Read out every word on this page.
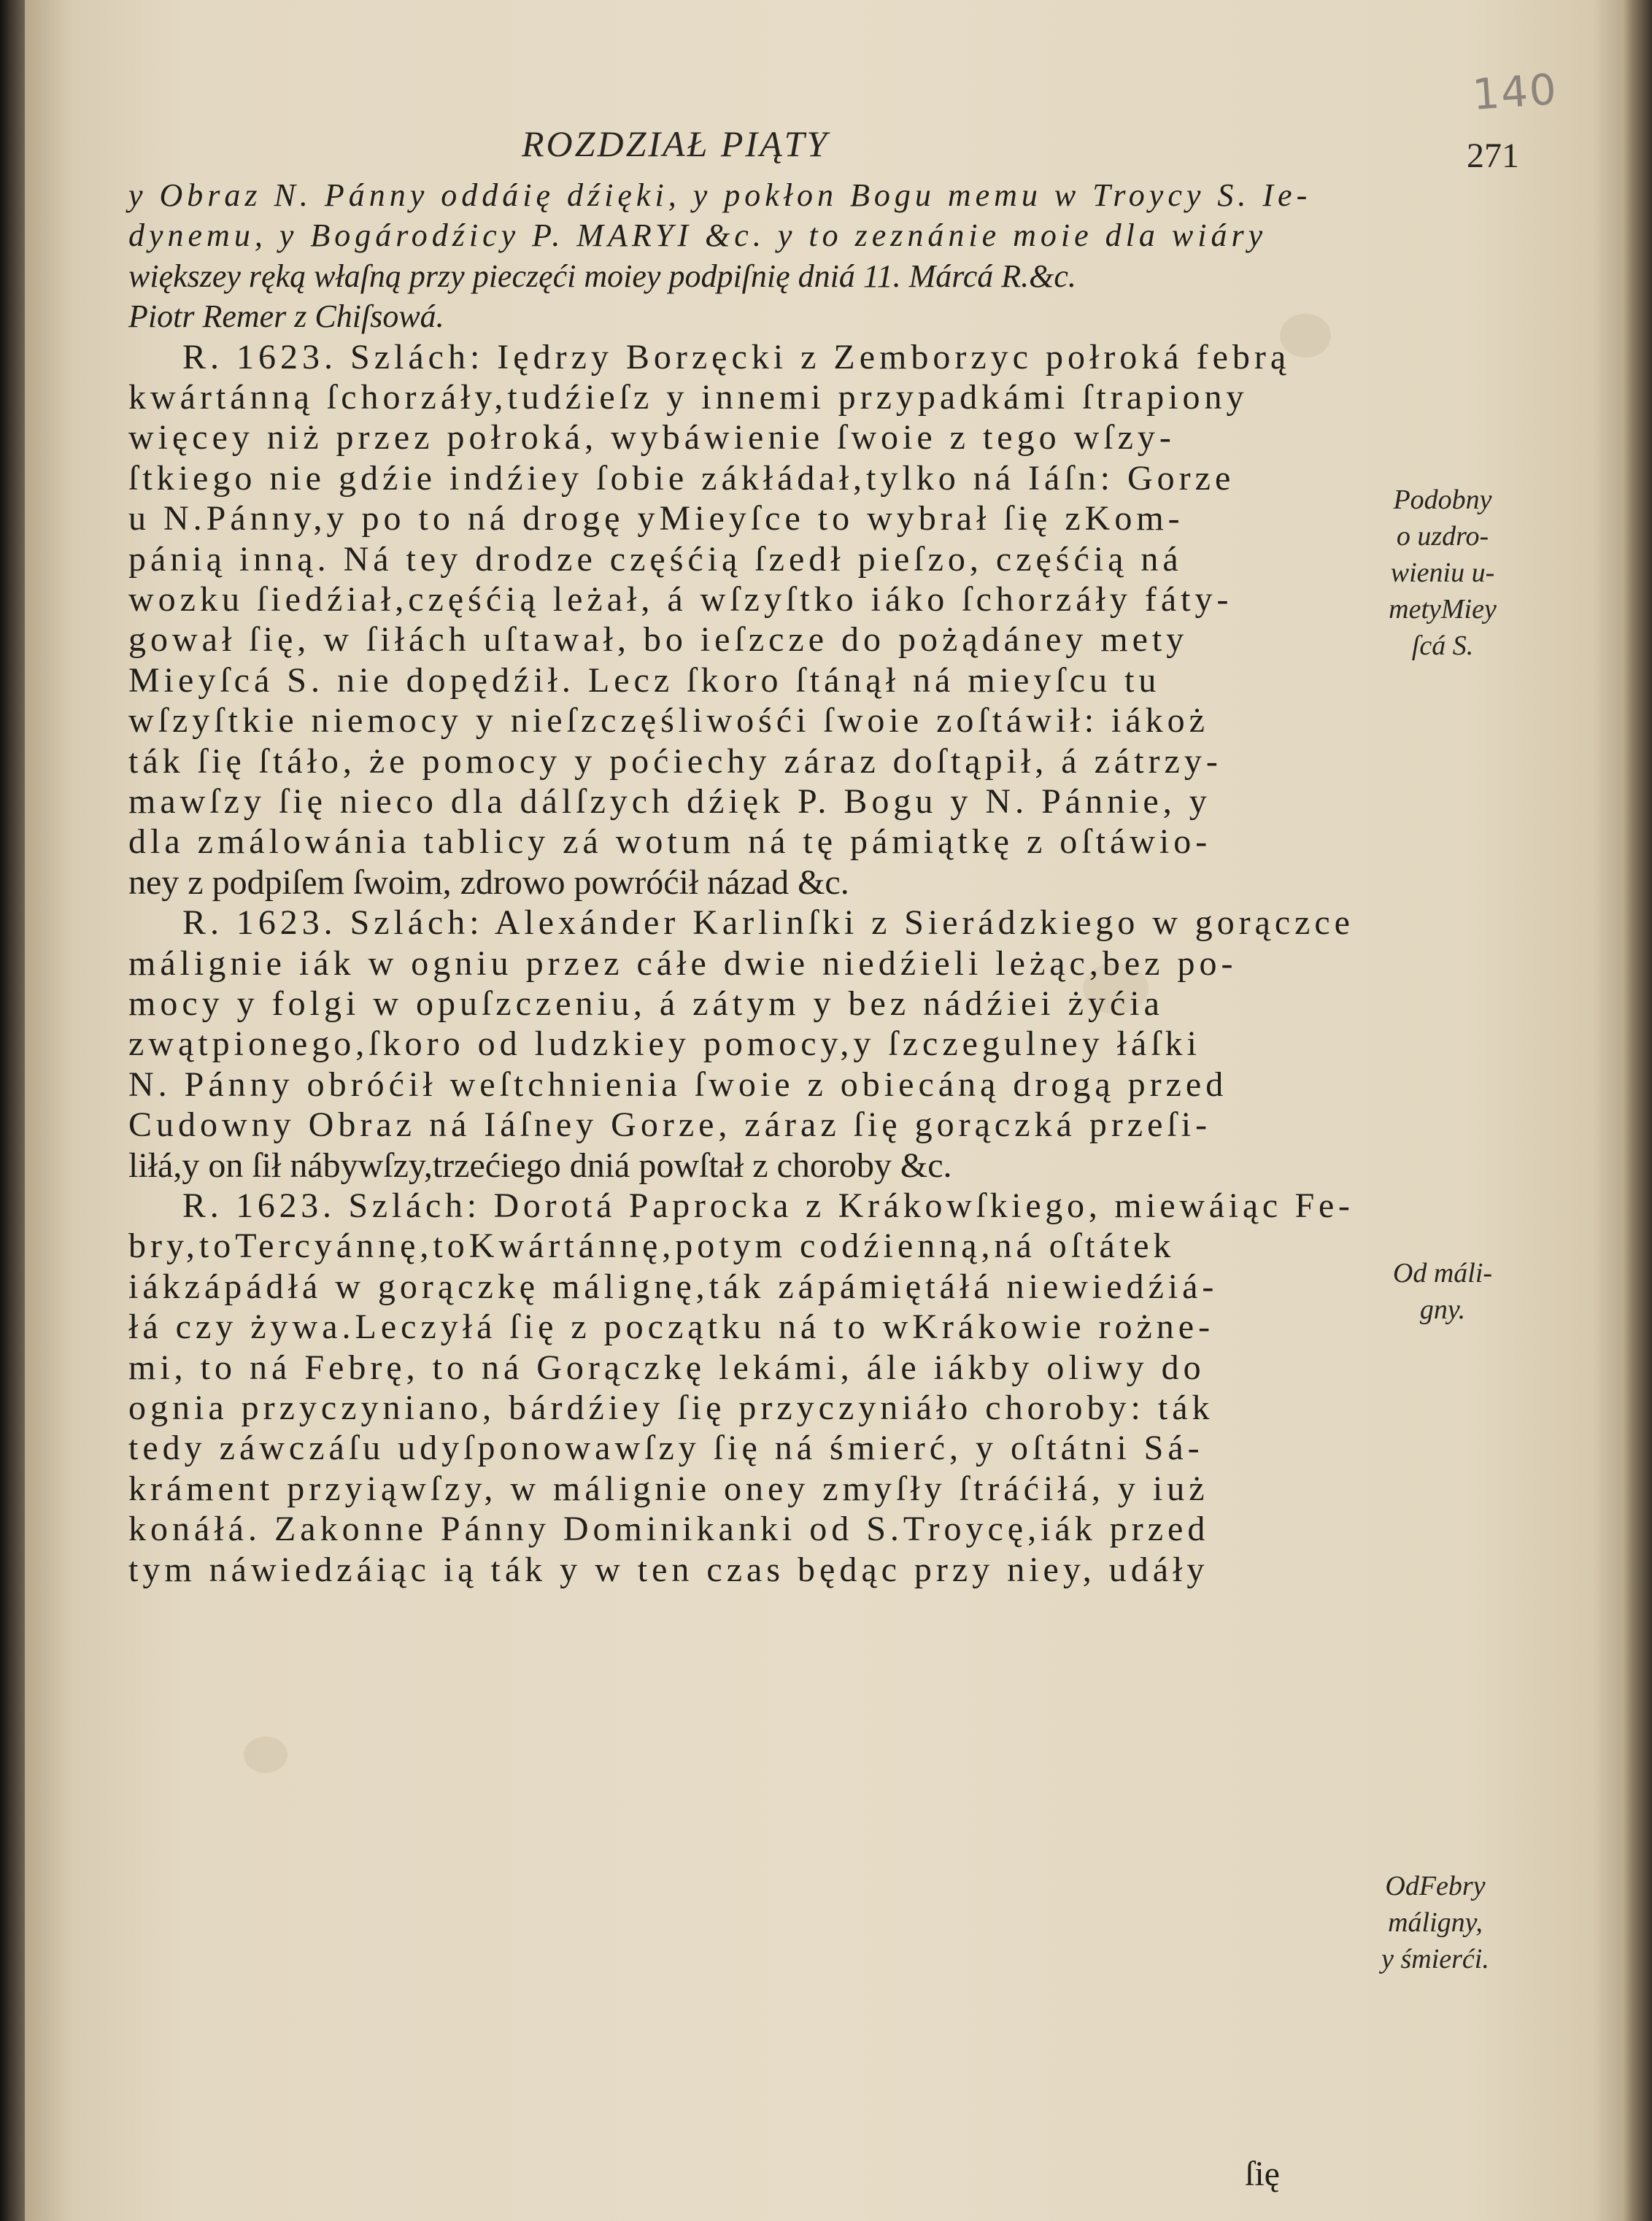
140
ROZDZIAŁ PIĄTY	271
y Obraz N. Pánny oddáię dźięki, y pokłon Bogu memu w Troycy S. Ie-
dynemu, y Bogárodźicy P. MARYI &c. y to zeznánie moie dla wiáry
większey ręką właſną przy pieczęći moiey podpiſnię dniá 11. Márcá R.&c.
Piotr Remer z Chiſsowá.
R. 1623. Szlách: Iędrzy Borzęcki z Zemborzyc połroká febrą
kwártánną ſchorzáły,tudźieſz y innemi przypadkámi ſtrapiony
więcey niż przez połroká, wybáwienie ſwoie z tego wſzy-
ſtkiego nie gdźie indźiey ſobie zákłádał,tylko ná Iáſn: Gorze
u N.Pánny,y po to ná drogę yMieyſce to wybrał ſię zKom-
pánią inną. Ná tey drodze częśćią ſzedł pieſzo, częśćią ná
wozku ſiedźiał,częśćią leżał, á wſzyſtko iáko ſchorzáły fáty-
gował ſię, w ſiłách uſtawał, bo ieſzcze do pożądáney mety
Mieyſcá S. nie dopędźił. Lecz ſkoro ſtánął ná mieyſcu tu
wſzyſtkie niemocy y nieſzczęśliwośći ſwoie zoſtáwił: iákoż
ták ſię ſtáło, że pomocy y poćiechy záraz doſtąpił, á zátrzy-
mawſzy ſię nieco dla dálſzych dźięk P. Bogu y N. Pánnie, y
dla zmálowánia tablicy zá wotum ná tę pámiątkę z oſtáwio-
ney z podpiſem ſwoim, zdrowo powróćił názad &c.
R. 1623. Szlách: Alexánder Karlinſki z Sierádzkiego w gorączce
málignie iák w ogniu przez cáłe dwie niedźieli leżąc,bez po-
mocy y folgi w opuſzczeniu, á zátym y bez nádźiei żyćia
zwątpionego,ſkoro od ludzkiey pomocy,y ſzczegulney łáſki
N. Pánny obróćił weſtchnienia ſwoie z obiecáną drogą przed
Cudowny Obraz ná Iáſney Gorze, záraz ſię gorączká przeſi-
liłá,y on ſił nábywſzy,trzećiego dniá powſtał z choroby &c.
R. 1623. Szlách: Dorotá Paprocka z Krákowſkiego, miewáiąc Fe-
bry,toTercyánnę,toKwártánnę,potym codźienną,ná oſtátek
iákzápádłá w gorączkę málignę,ták zápámiętáłá niewiedźiá-
łá czy żywa.Leczyłá ſię z początku ná to wKrákowie rożne-
mi, to ná Febrę, to ná Gorączkę lekámi, ále iákby oliwy do
ognia przyczyniano, bárdźiey ſię przyczyniáło choroby: ták
tedy záwczáſu udyſponowawſzy ſię ná śmierć, y oſtátni Sá-
kráment przyiąwſzy, w málignie oney zmyſły ſtráćiłá, y iuż
konáłá. Zakonne Pánny Dominikanki od S.Troycę,iák przed
tym náwiedzáiąc ią ták y w ten czas będąc przy niey, udáły
ſię
Podobny
o uzdro-
wieniu u-
metyMiey
ſcá S.
Od máli-
gny.
OdFebry
máligny,
y śmierći.
